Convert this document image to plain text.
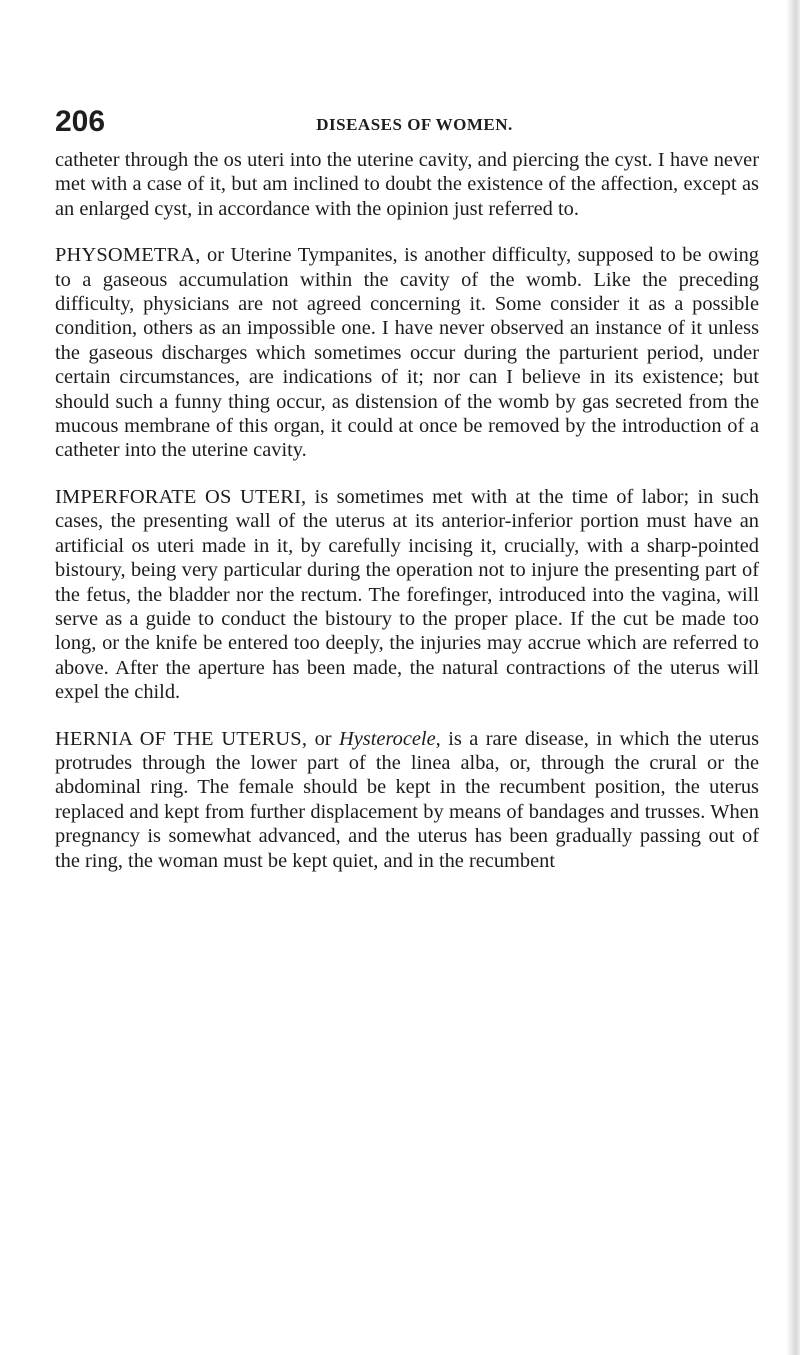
206	DISEASES OF WOMEN.

catheter through the os uteri into the uterine cavity, and piercing the cyst. I have never met with a case of it, but am inclined to doubt the existence of the affection, except as an enlarged cyst, in accordance with the opinion just referred to.

PHYSOMETRA, or Uterine Tympanites, is another difficulty, supposed to be owing to a gaseous accumulation within the cavity of the womb. Like the preceding difficulty, physicians are not agreed concerning it. Some consider it as a possible condition, others as an impossible one. I have never observed an instance of it unless the gaseous discharges which sometimes occur during the parturient period, under certain circumstances, are indications of it; nor can I believe in its existence; but should such a funny thing occur, as distension of the womb by gas secreted from the mucous membrane of this organ, it could at once be removed by the introduction of a catheter into the uterine cavity.

IMPERFORATE OS UTERI, is sometimes met with at the time of labor; in such cases, the presenting wall of the uterus at its anterior-inferior portion must have an artificial os uteri made in it, by carefully incising it, crucially, with a sharp-pointed bistoury, being very particular during the operation not to injure the presenting part of the fetus, the bladder nor the rectum. The forefinger, introduced into the vagina, will serve as a guide to conduct the bistoury to the proper place. If the cut be made too long, or the knife be entered too deeply, the injuries may accrue which are referred to above. After the aperture has been made, the natural contractions of the uterus will expel the child.

HERNIA OF THE UTERUS, or Hysterocele, is a rare disease, in which the uterus protrudes through the lower part of the linea alba, or, through the crural or the abdominal ring. The female should be kept in the recumbent position, the uterus replaced and kept from further displacement by means of bandages and trusses. When pregnancy is somewhat advanced, and the uterus has been gradually passing out of the ring, the woman must be kept quiet, and in the recumbent
